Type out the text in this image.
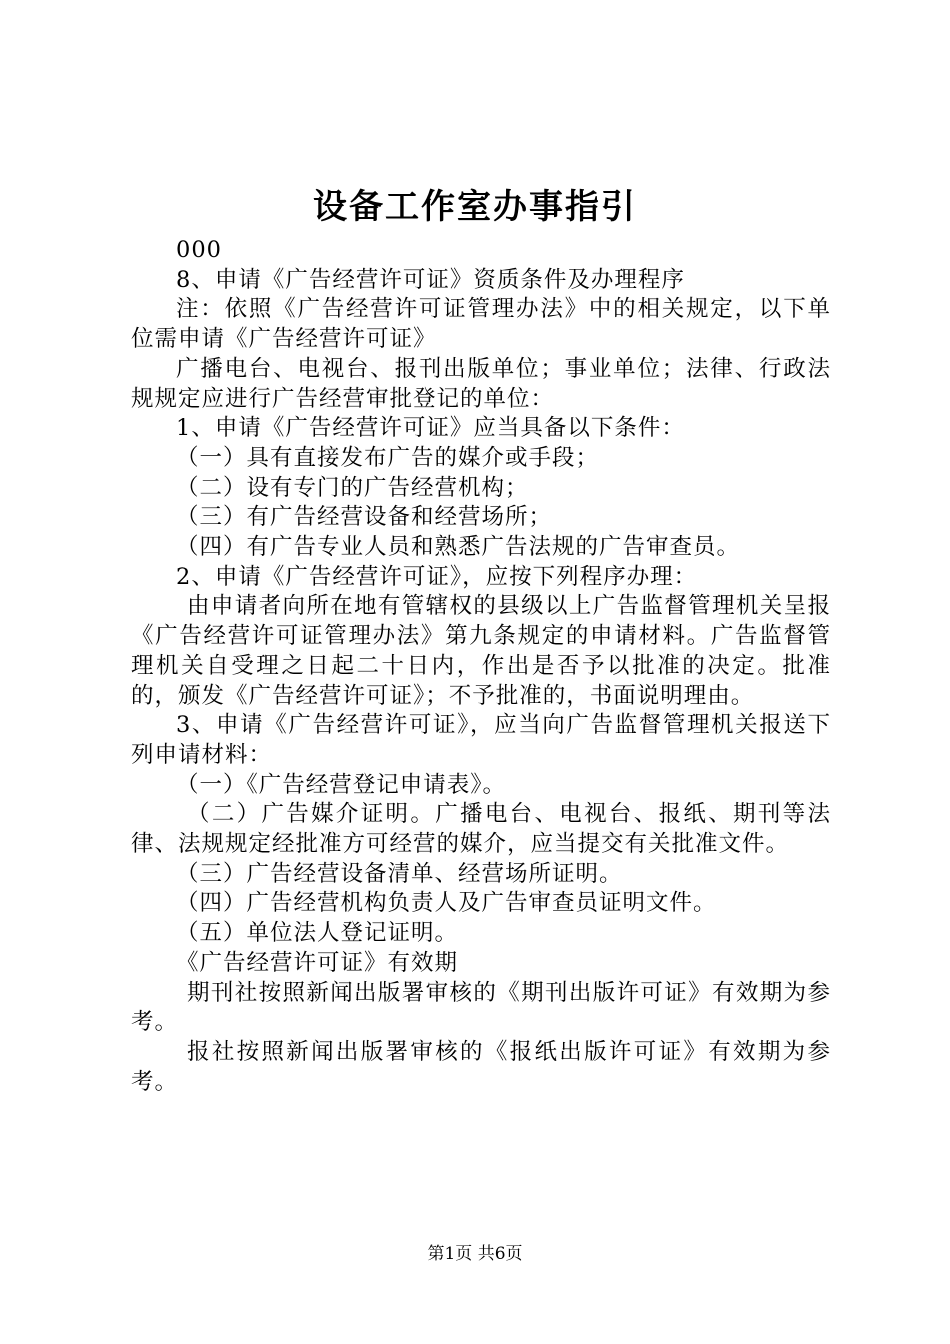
设备工作室办事指引

000

8、申请《广告经营许可证》资质条件及办理程序

注：依照《广告经营许可证管理办法》中的相关规定，以下单位需申请《广告经营许可证》

广播电台、电视台、报刊出版单位；事业单位；法律、行政法规规定应进行广告经营审批登记的单位：

1、申请《广告经营许可证》应当具备以下条件：

（一）具有直接发布广告的媒介或手段；

（二）设有专门的广告经营机构；

（三）有广告经营设备和经营场所；

（四）有广告专业人员和熟悉广告法规的广告审查员。

2、申请《广告经营许可证》，应按下列程序办理：

由申请者向所在地有管辖权的县级以上广告监督管理机关呈报《广告经营许可证管理办法》第九条规定的申请材料。广告监督管理机关自受理之日起二十日内，作出是否予以批准的决定。批准的，颁发《广告经营许可证》；不予批准的，书面说明理由。

3、申请《广告经营许可证》，应当向广告监督管理机关报送下列申请材料：

（一）《广告经营登记申请表》。

（二）广告媒介证明。广播电台、电视台、报纸、期刊等法律、法规规定经批准方可经营的媒介，应当提交有关批准文件。

（三）广告经营设备清单、经营场所证明。

（四）广告经营机构负责人及广告审查员证明文件。

（五）单位法人登记证明。

《广告经营许可证》有效期

期刊社按照新闻出版署审核的《期刊出版许可证》有效期为参考。

报社按照新闻出版署审核的《报纸出版许可证》有效期为参考。

第1页 共6页
